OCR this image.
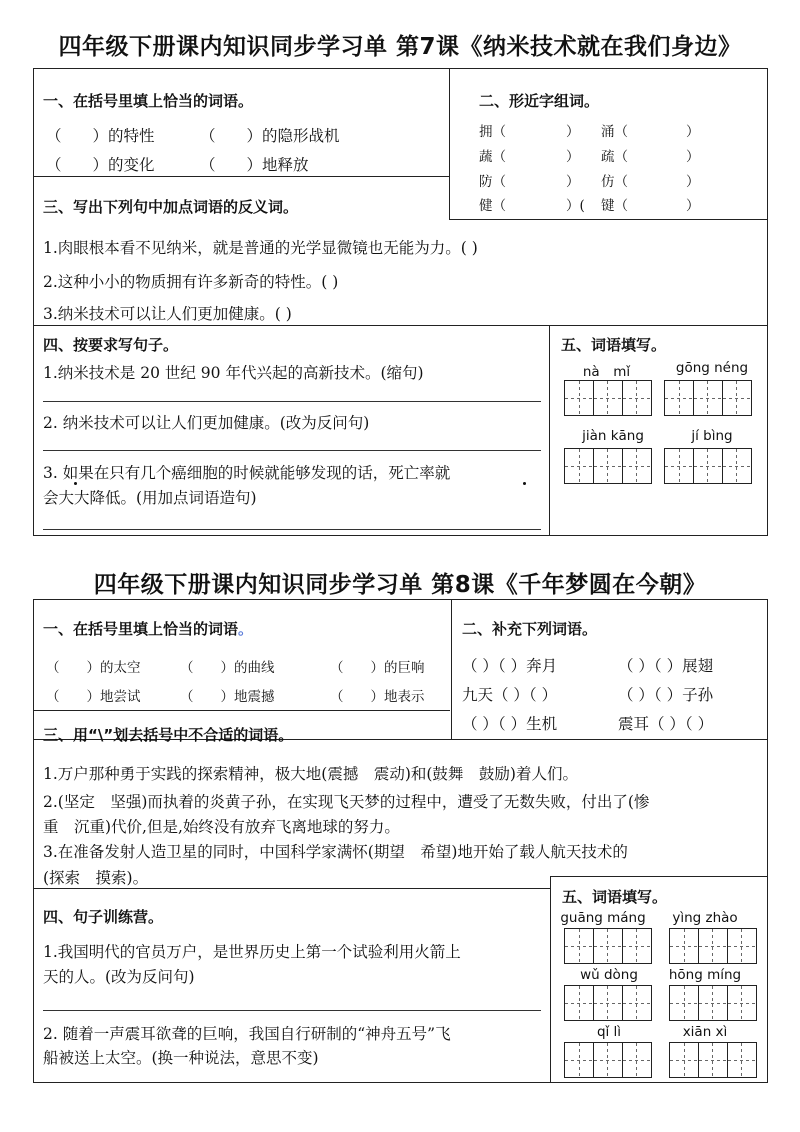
四年级下册课内知识同步学习单 第7课《纳米技术就在我们身边》
一、在括号里填上恰当的词语。
（　　）的特性	（　　）的隐形战机
（　　）的变化	（　　）地释放
二、形近字组词。
拥（	） 涌（	）
蔬（	） 疏（	）
防（	） 仿（	）
健（	）( 键（	）
三、写出下列句中加点词语的反义词。
1.肉眼根本看不见纳米，就是普通的光学显微镜也无能为力。( )
2.这种小小的物质拥有许多新奇的特性。( )
3.纳米技术可以让人们更加健康。( )
四、按要求写句子。
1.纳米技术是 20 世纪 90 年代兴起的高新技术。(缩句)
2. 纳米技术可以让人们更加健康。(改为反问句)
3. 如果在只有几个癌细胞的时候就能够发现的话，死亡率就
会大大降低。(用加点词语造句)
五、词语填写。
nà　mǐ	gōng néng
jiàn kāng	jí bìng
四年级下册课内知识同步学习单 第8课《千年梦圆在今朝》
一、在括号里填上恰当的词语。
（　　）的太空	（　　）的曲线	（　　）的巨响
（　　）地尝试	（　　）地震撼	（　　）地表示
二、补充下列词语。
（ ）（ ）奔月	（ ）（ ）展翅
九天（ ）（ ）	（ ）（ ）子孙
（ ）（ ）生机	震耳（ ）（ ）
三、用“\”划去括号中不合适的词语。
1.万户那种勇于实践的探索精神，极大地(震撼　震动)和(鼓舞　鼓励)着人们。
2.(坚定　坚强)而执着的炎黄子孙，在实现飞天梦的过程中，遭受了无数失败，付出了(惨
重　沉重)代价,但是,始终没有放弃飞离地球的努力。
3.在准备发射人造卫星的同时，中国科学家满怀(期望　希望)地开始了载人航天技术的
(探索　摸索)。
四、句子训练营。
1.我国明代的官员万户，是世界历史上第一个试验利用火箭上
天的人。(改为反问句)
2. 随着一声震耳欲聋的巨响，我国自行研制的“神舟五号”飞
船被送上太空。(换一种说法，意思不变)
五、词语填写。
guāng máng	yìng zhào
wǔ dòng	hōng míng
qǐ lì	xiān xì
